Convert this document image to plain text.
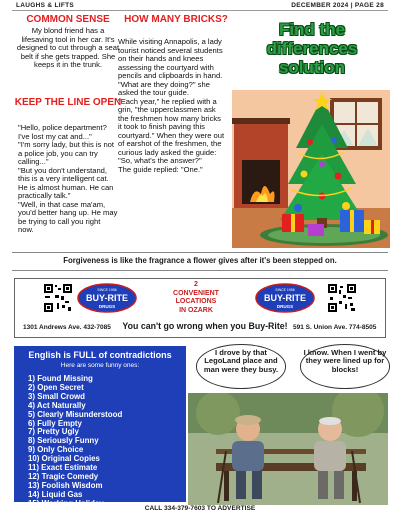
LAUGHS & LIFTS	DECEMBER 2024 | PAGE 28
COMMON SENSE

My blond friend has a lifesaving tool in her car. It's designed to cut through a seat belt if she gets trapped. She keeps it in the trunk.

KEEP THE LINE OPEN

"Hello, police department? I've lost my cat and..."
"I'm sorry lady, but this is not a police job, you can try calling..."
"But you don't understand, this is a very intelligent cat. He is almost human. He can practically talk."
"Well, in that case ma'am, you'd better hang up. He may be trying to call you right now.

HOW MANY BRICKS?

While visiting Annapolis, a lady tourist noticed several students on their hands and knees assessing the courtyard with pencils and clipboards in hand.
"What are they doing?" she asked the tour guide.
"Each year," he replied with a grin, "the upperclassmen ask the freshmen how many bricks it took to finish paving this courtyard." When they were out of earshot of the freshmen, the curious lady asked the guide: "So, what's the answer?"
The guide replied: "One."

Find the differences solution
Forgiveness is like the fragrance a flower gives after it's been stepped on.
SINCE 1956
BUY-RITE
DRUGS
2
CONVENIENT
LOCATIONS
IN OZARK
SINCE 1956
BUY-RITE
DRUGS
1301 Andrews Ave. 432-7085	You can't go wrong when you Buy-Rite! 591 S. Union Ave. 774-8505
English is FULL of contradictions
Here are some funny ones:
1) Found Missing
2) Open Secret
3) Small Crowd
4) Act Naturally
5) Clearly Misunderstood
6) Fully Empty
7) Pretty Ugly
8) Seriously Funny
9) Only Choice
10) Original Copies
11) Exact Estimate
12) Tragic Comedy
13) Foolish Wisdom
14) Liquid Gas
15) Working Holiday
I drove by that LegoLand place and man were they busy.
I know. When I went by they were lined up for blocks!
CALL 334-379-7603 TO ADVERTISE
